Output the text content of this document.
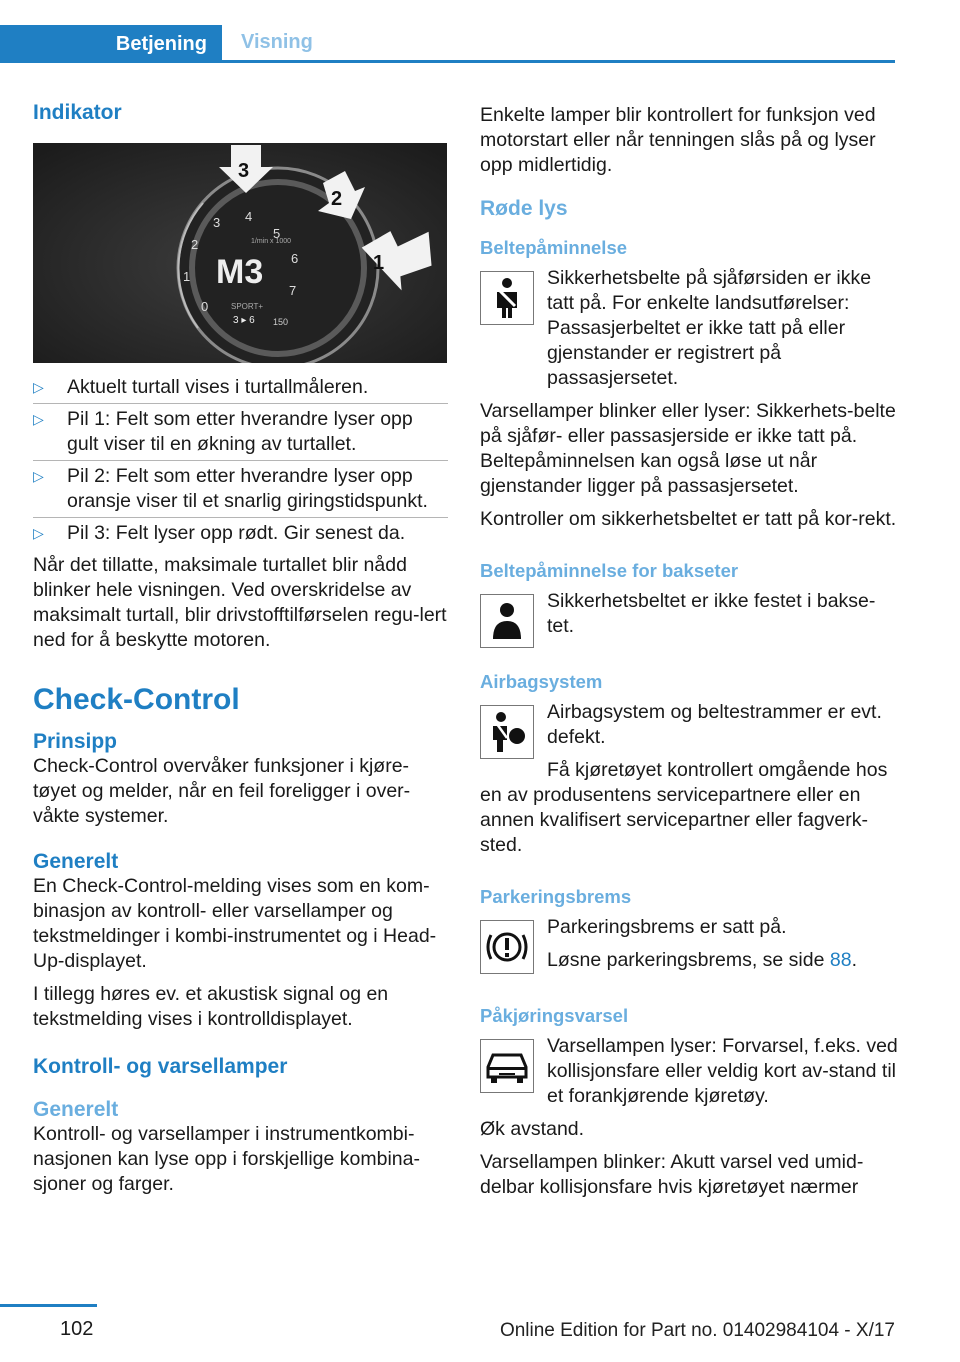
Betjening	Visning
Indikator
0
1
2
3 4
5
6
7
1/min x 1000
M3
SPORT+
3 ▸ 6 150
3
2
1
▷ Aktuelt turtall vises i turtallmåleren.
▷ Pil 1: Felt som etter hverandre lyser opp gult viser til en økning av turtallet.
▷ Pil 2: Felt som etter hverandre lyser opp oransje viser til et snarlig giringstidspunkt.
▷ Pil 3: Felt lyser opp rødt. Gir senest da.

Når det tillatte, maksimale turtallet blir nådd blinker hele visningen. Ved overskridelse av maksimalt turtall, blir drivstofftilførselen regu-lert ned for å beskytte motoren.

Check-Control
Prinsipp

Check-Control overvåker funksjoner i kjøre-tøyet og melder, når en feil foreligger i over-våkte systemer.

Generelt

En Check-Control-melding vises som en kom-binasjon av kontroll- eller varsellamper og tekstmeldinger i kombi-instrumentet og i Head-Up-displayet.

I tillegg høres ev. et akustisk signal og en tekstmelding vises i kontrolldisplayet.

Kontroll- og varsellamper
Generelt

Kontroll- og varsellamper i instrumentkombi-nasjonen kan lyse opp i forskjellige kombina-sjoner og farger.

Enkelte lamper blir kontrollert for funksjon ved motorstart eller når tenningen slås på og lyser opp midlertidig.

Røde lys
Beltepåminnelse

Sikkerhetsbelte på sjåførsiden er ikke tatt på. For enkelte landsutførelser: Passasjerbeltet er ikke tatt på eller gjenstander er registrert på passasjersetet.

Varsellamper blinker eller lyser: Sikkerhets-belte på sjåfør- eller passasjerside er ikke tatt på. Beltepåminnelsen kan også løse ut når gjenstander ligger på passasjersetet.

Kontroller om sikkerhetsbeltet er tatt på kor-rekt.

Beltepåminnelse for bakseter

Sikkerhetsbeltet er ikke festet i bakse-tet.

Airbagsystem

Airbagsystem og beltestrammer er evt. defekt.

Få kjøretøyet kontrollert omgående hos en av produsentens servicepartnere eller en annen kvalifisert servicepartner eller fagverk-sted.

Parkeringsbrems

Parkeringsbrems er satt på.

Løsne parkeringsbrems, se side 88.

Påkjøringsvarsel

Varsellampen lyser: Forvarsel, f.eks. ved kollisjonsfare eller veldig kort av-stand til et forankjørende kjøretøy.

Øk avstand.

Varsellampen blinker: Akutt varsel ved umid-delbar kollisjonsfare hvis kjøretøyet nærmer

102	Online Edition for Part no. 01402984104 - X/17
